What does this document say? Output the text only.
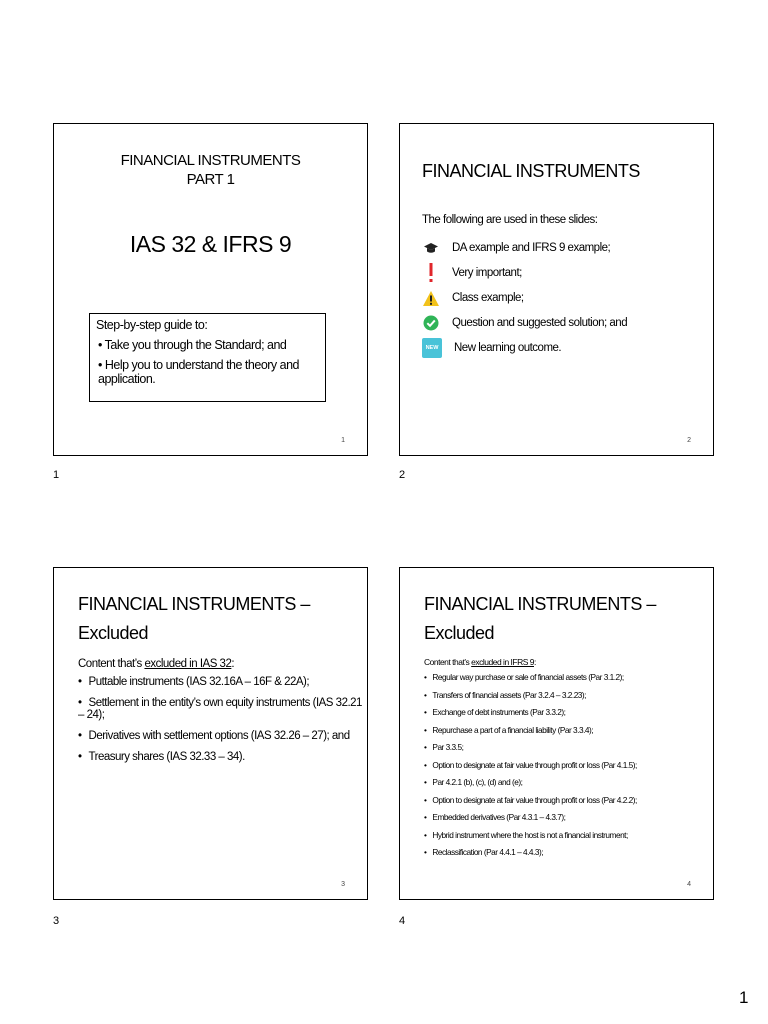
FINANCIAL INSTRUMENTS
PART 1
IAS 32 & IFRS 9
Step-by-step guide to:
• Take you through the Standard; and
• Help you to understand the theory and application.
1
1
FINANCIAL INSTRUMENTS
The following are used in these slides:
DA example and IFRS 9 example;
Very important;
Class example;
Question and suggested solution; and
NEW New learning outcome.
2
2
FINANCIAL INSTRUMENTS –
Excluded
Content that’s excluded in IAS 32:
• Puttable instruments (IAS 32.16A – 16F & 22A);
• Settlement in the entity’s own equity instruments (IAS 32.21 – 24);
• Derivatives with settlement options (IAS 32.26 – 27); and
• Treasury shares (IAS 32.33 – 34).
3
3
FINANCIAL INSTRUMENTS –
Excluded
Content that’s excluded in IFRS 9:
• Regular way purchase or sale of financial assets (Par 3.1.2);
• Transfers of financial assets (Par 3.2.4 – 3.2.23);
• Exchange of debt instruments (Par 3.3.2);
• Repurchase a part of a financial liability (Par 3.3.4);
• Par 3.3.5;
• Option to designate at fair value through profit or loss (Par 4.1.5);
• Par 4.2.1 (b), (c), (d) and (e);
• Option to designate at fair value through profit or loss (Par 4.2.2);
• Embedded derivatives (Par 4.3.1 – 4.3.7);
• Hybrid instrument where the host is not a financial instrument;
• Reclassification (Par 4.4.1 – 4.4.3);
4
4
1
